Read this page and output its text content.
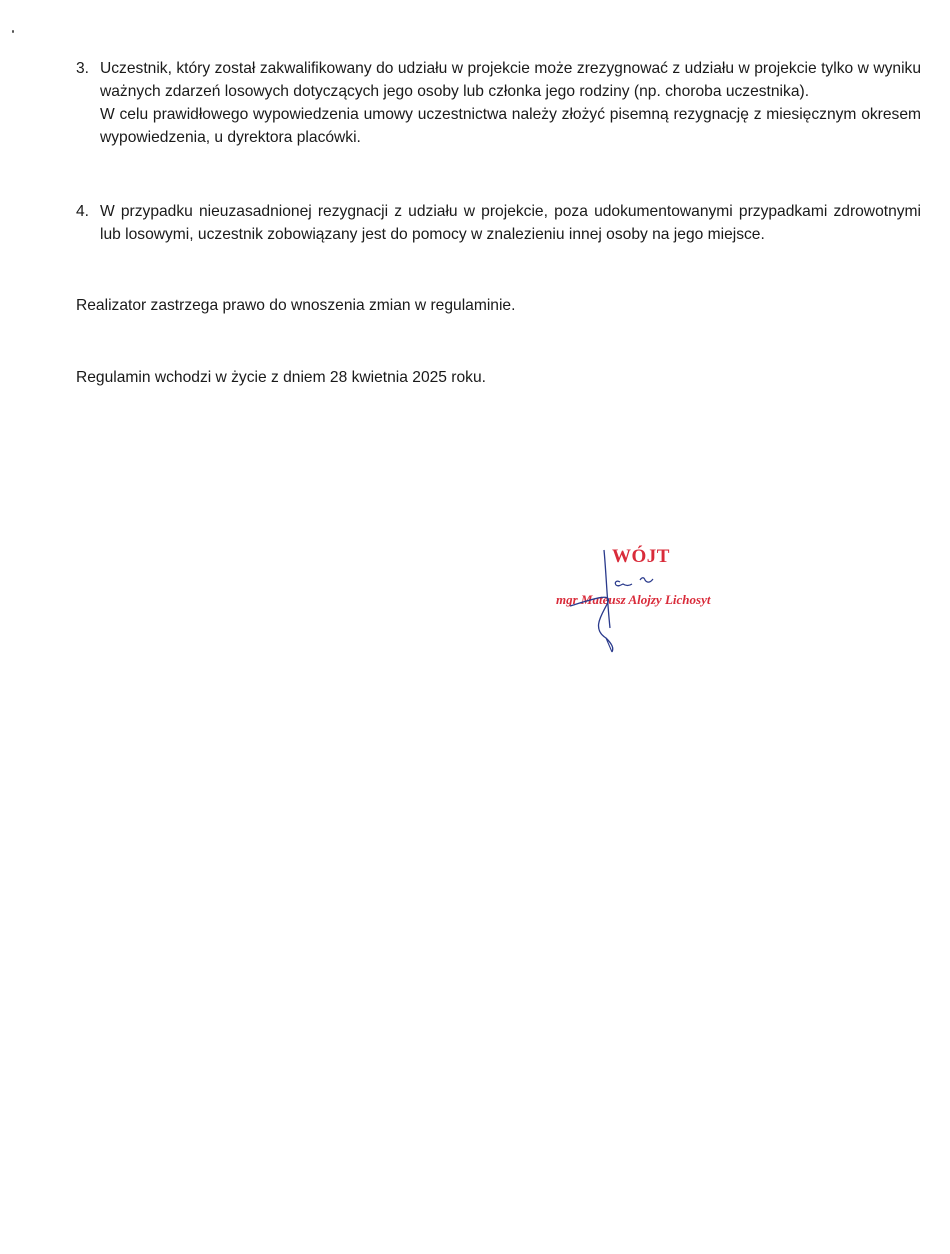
3. Uczestnik, który został zakwalifikowany do udziału w projekcie może zrezygnować z udziału w projekcie tylko w wyniku ważnych zdarzeń losowych dotyczących jego osoby lub członka jego rodziny (np. choroba uczestnika).
W celu prawidłowego wypowiedzenia umowy uczestnictwa należy złożyć pisemną rezygnację z miesięcznym okresem wypowiedzenia, u dyrektora placówki.
4. W przypadku nieuzasadnionej rezygnacji z udziału w projekcie, poza udokumentowanymi przypadkami zdrowotnymi lub losowymi, uczestnik zobowiązany jest do pomocy w znalezieniu innej osoby na jego miejsce.
Realizator zastrzega prawo do wnoszenia zmian w regulaminie.
Regulamin wchodzi w życie z dniem 28 kwietnia 2025 roku.
WÓJT
mgr Mateusz Alojzy Lichosyt
